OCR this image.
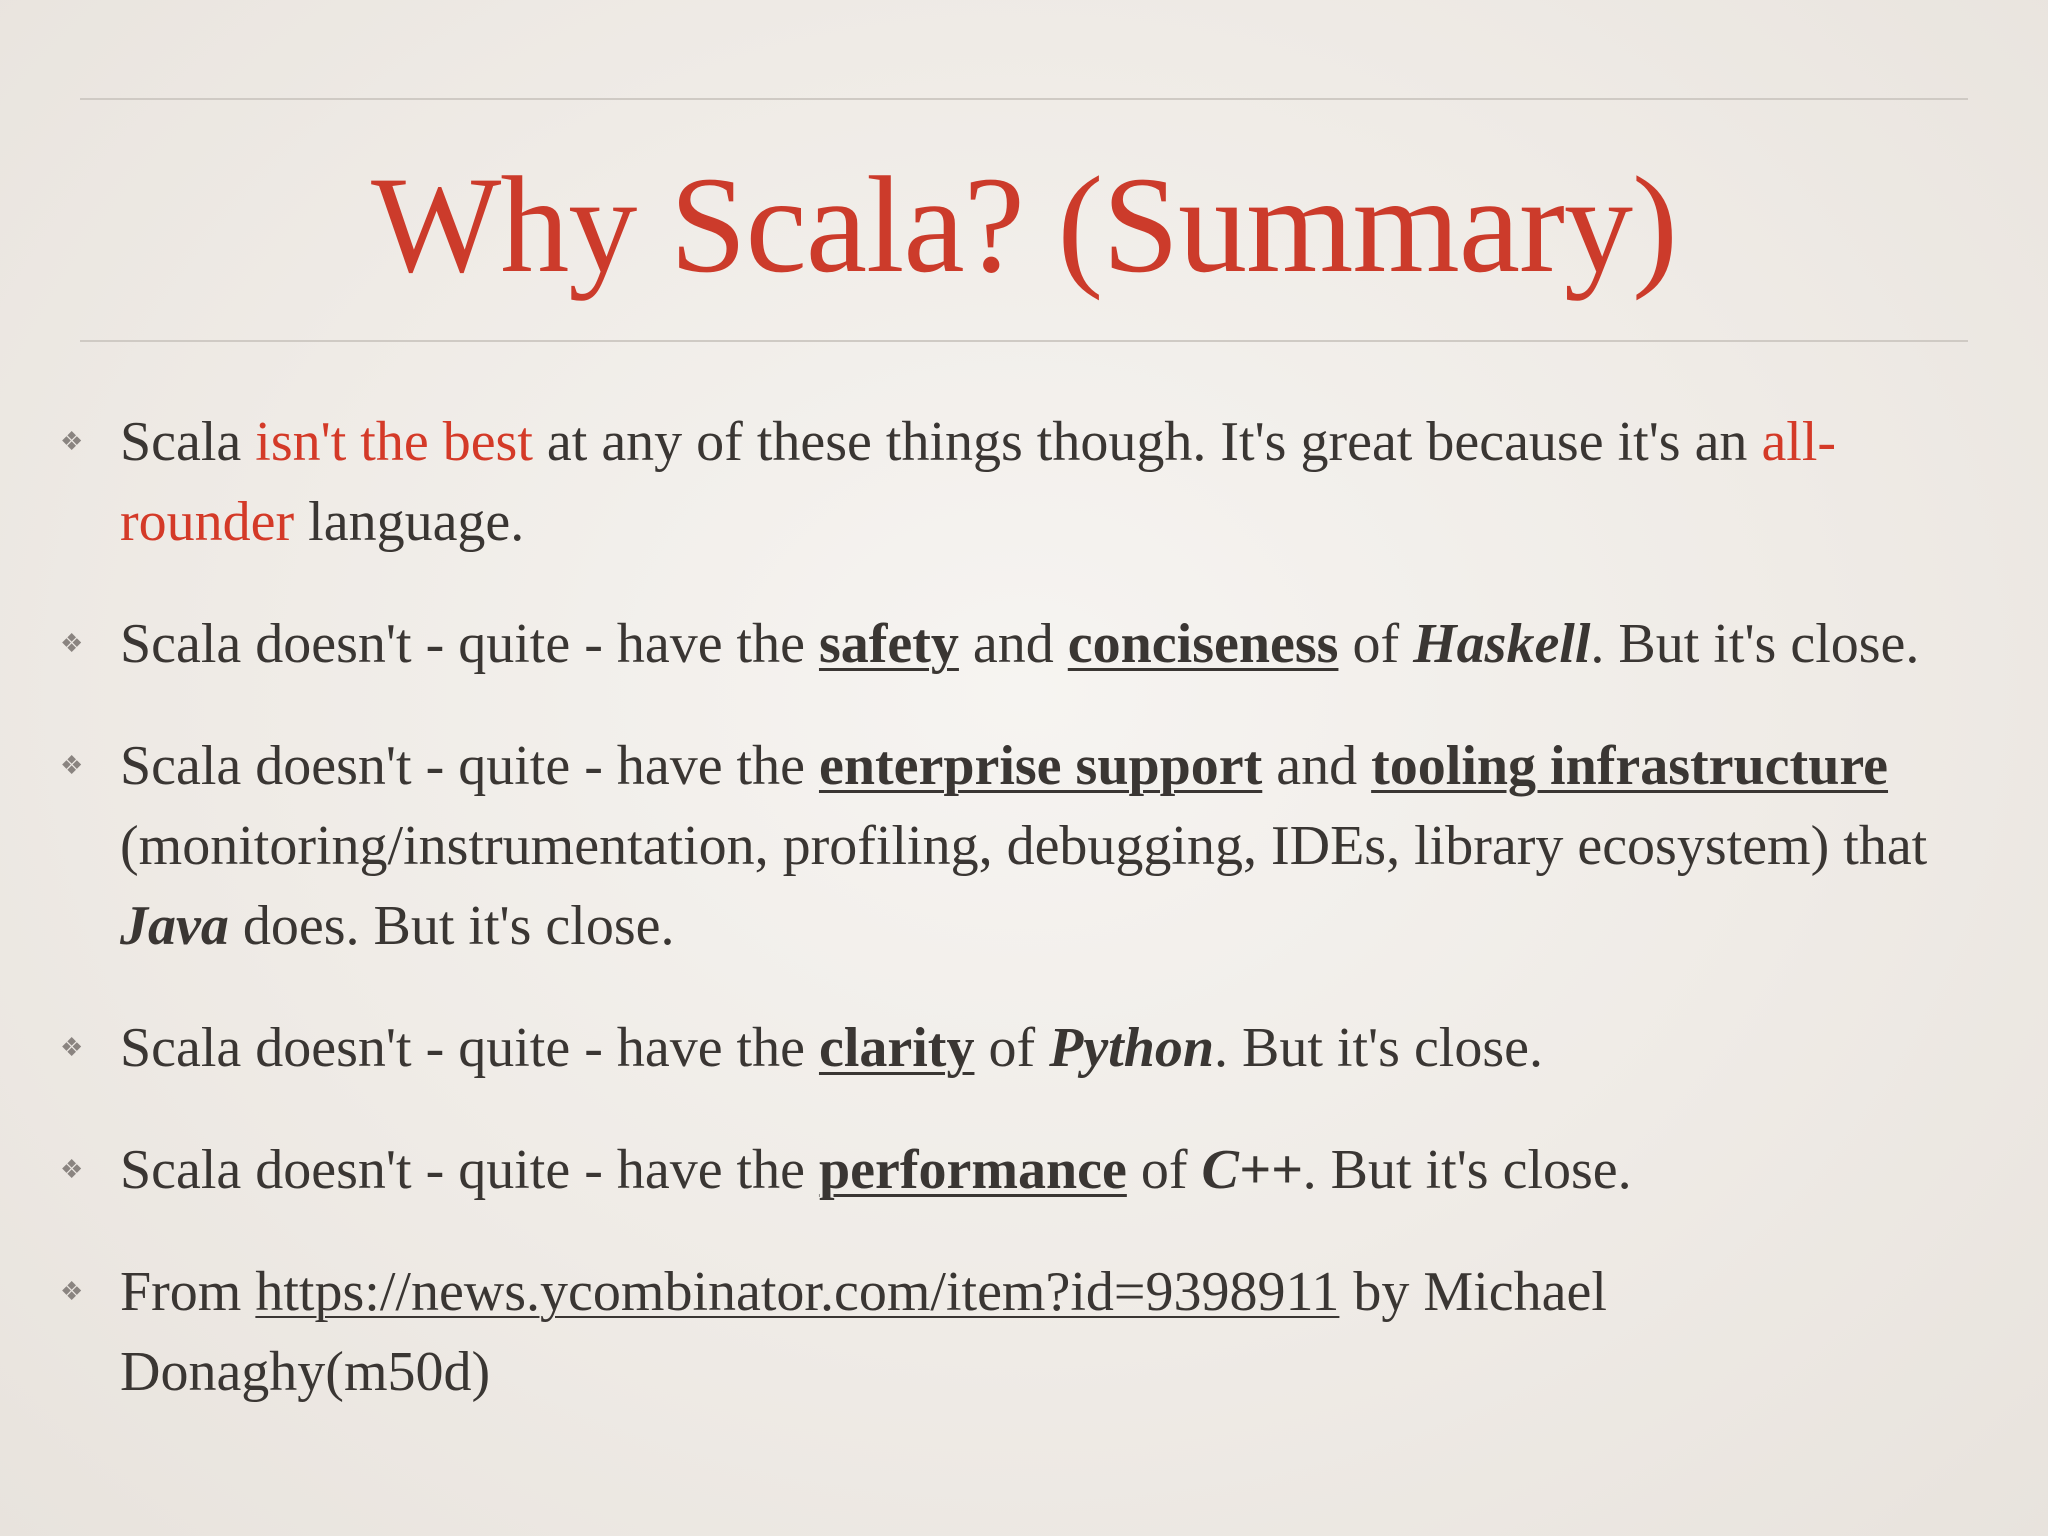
Why Scala? (Summary)
❖ Scala isn't the best at any of these things though. It's great because it's an all-rounder language.
❖ Scala doesn't - quite - have the safety and conciseness of Haskell. But it's close.
❖ Scala doesn't - quite - have the enterprise support and tooling infrastructure (monitoring/instrumentation, profiling, debugging, IDEs, library ecosystem) that Java does. But it's close.
❖ Scala doesn't - quite - have the clarity of Python. But it's close.
❖ Scala doesn't - quite - have the performance of C++. But it's close.
❖ From https://news.ycombinator.com/item?id=9398911 by Michael Donaghy(m50d)
